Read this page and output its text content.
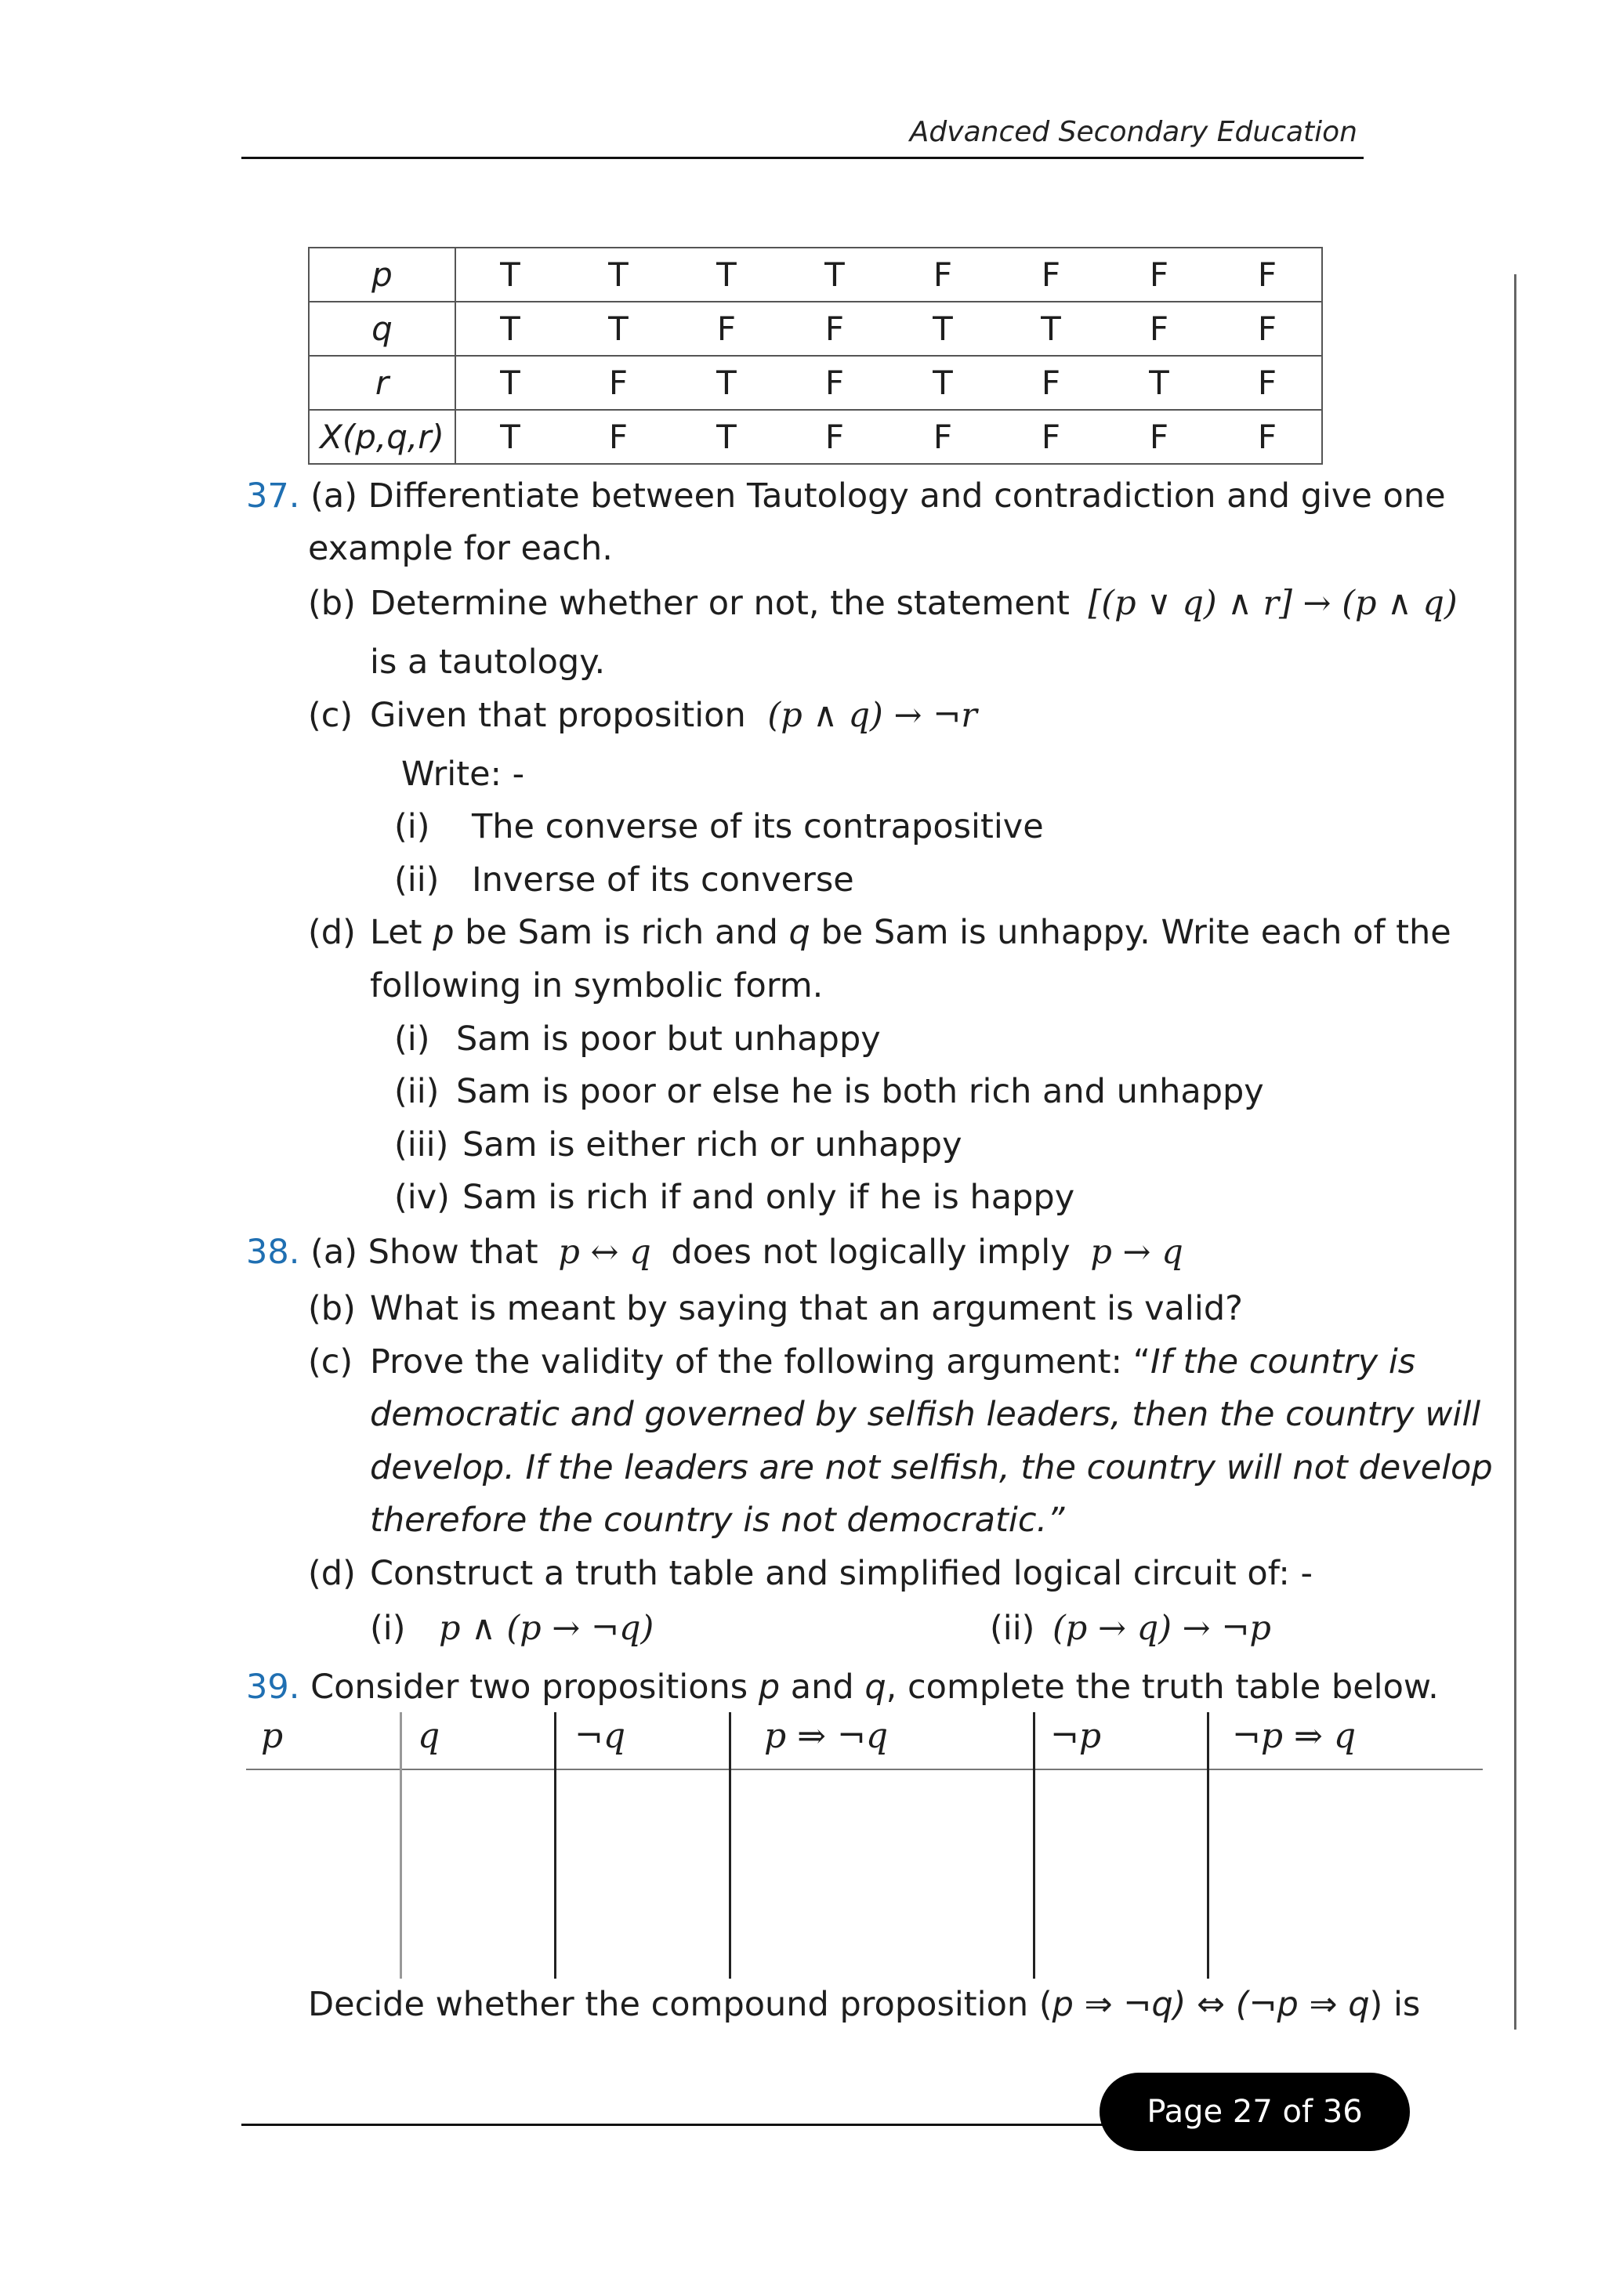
Advanced Secondary Education
p	T	T	T	T	F	F	F	F
q	T	T	F	F	T	T	F	F
r	T	F	T	F	T	F	T	F
X(p,q,r)	T	F	T	F	F	F	F	F
37. (a) Differentiate between Tautology and contradiction and give one
example for each.
(b) Determine whether or not, the statement [(p ∨ q) ∧ r] → (p ∧ q)
is a tautology.
(c) Given that proposition (p ∧ q) → ¬r
Write: -
(i) The converse of its contrapositive
(ii) Inverse of its converse
(d) Let p be Sam is rich and q be Sam is unhappy. Write each of the
following in symbolic form.
(i) Sam is poor but unhappy
(ii) Sam is poor or else he is both rich and unhappy
(iii) Sam is either rich or unhappy
(iv) Sam is rich if and only if he is happy
38. (a) Show that p ↔ q does not logically imply p → q
(b) What is meant by saying that an argument is valid?
(c) Prove the validity of the following argument: “If the country is
democratic and governed by selfish leaders, then the country will
develop. If the leaders are not selfish, the country will not develop
therefore the country is not democratic.”
(d) Construct a truth table and simplified logical circuit of: -
(i) p ∧ (p → ¬q)	(ii) (p → q) → ¬p
39. Consider two propositions p and q, complete the truth table below.
p	q	¬q	p ⇒ ¬q	¬p	¬p ⇒ q
Decide whether the compound proposition (p ⇒ ¬q) ⇔ (¬p ⇒ q) is
Page 27 of 36
